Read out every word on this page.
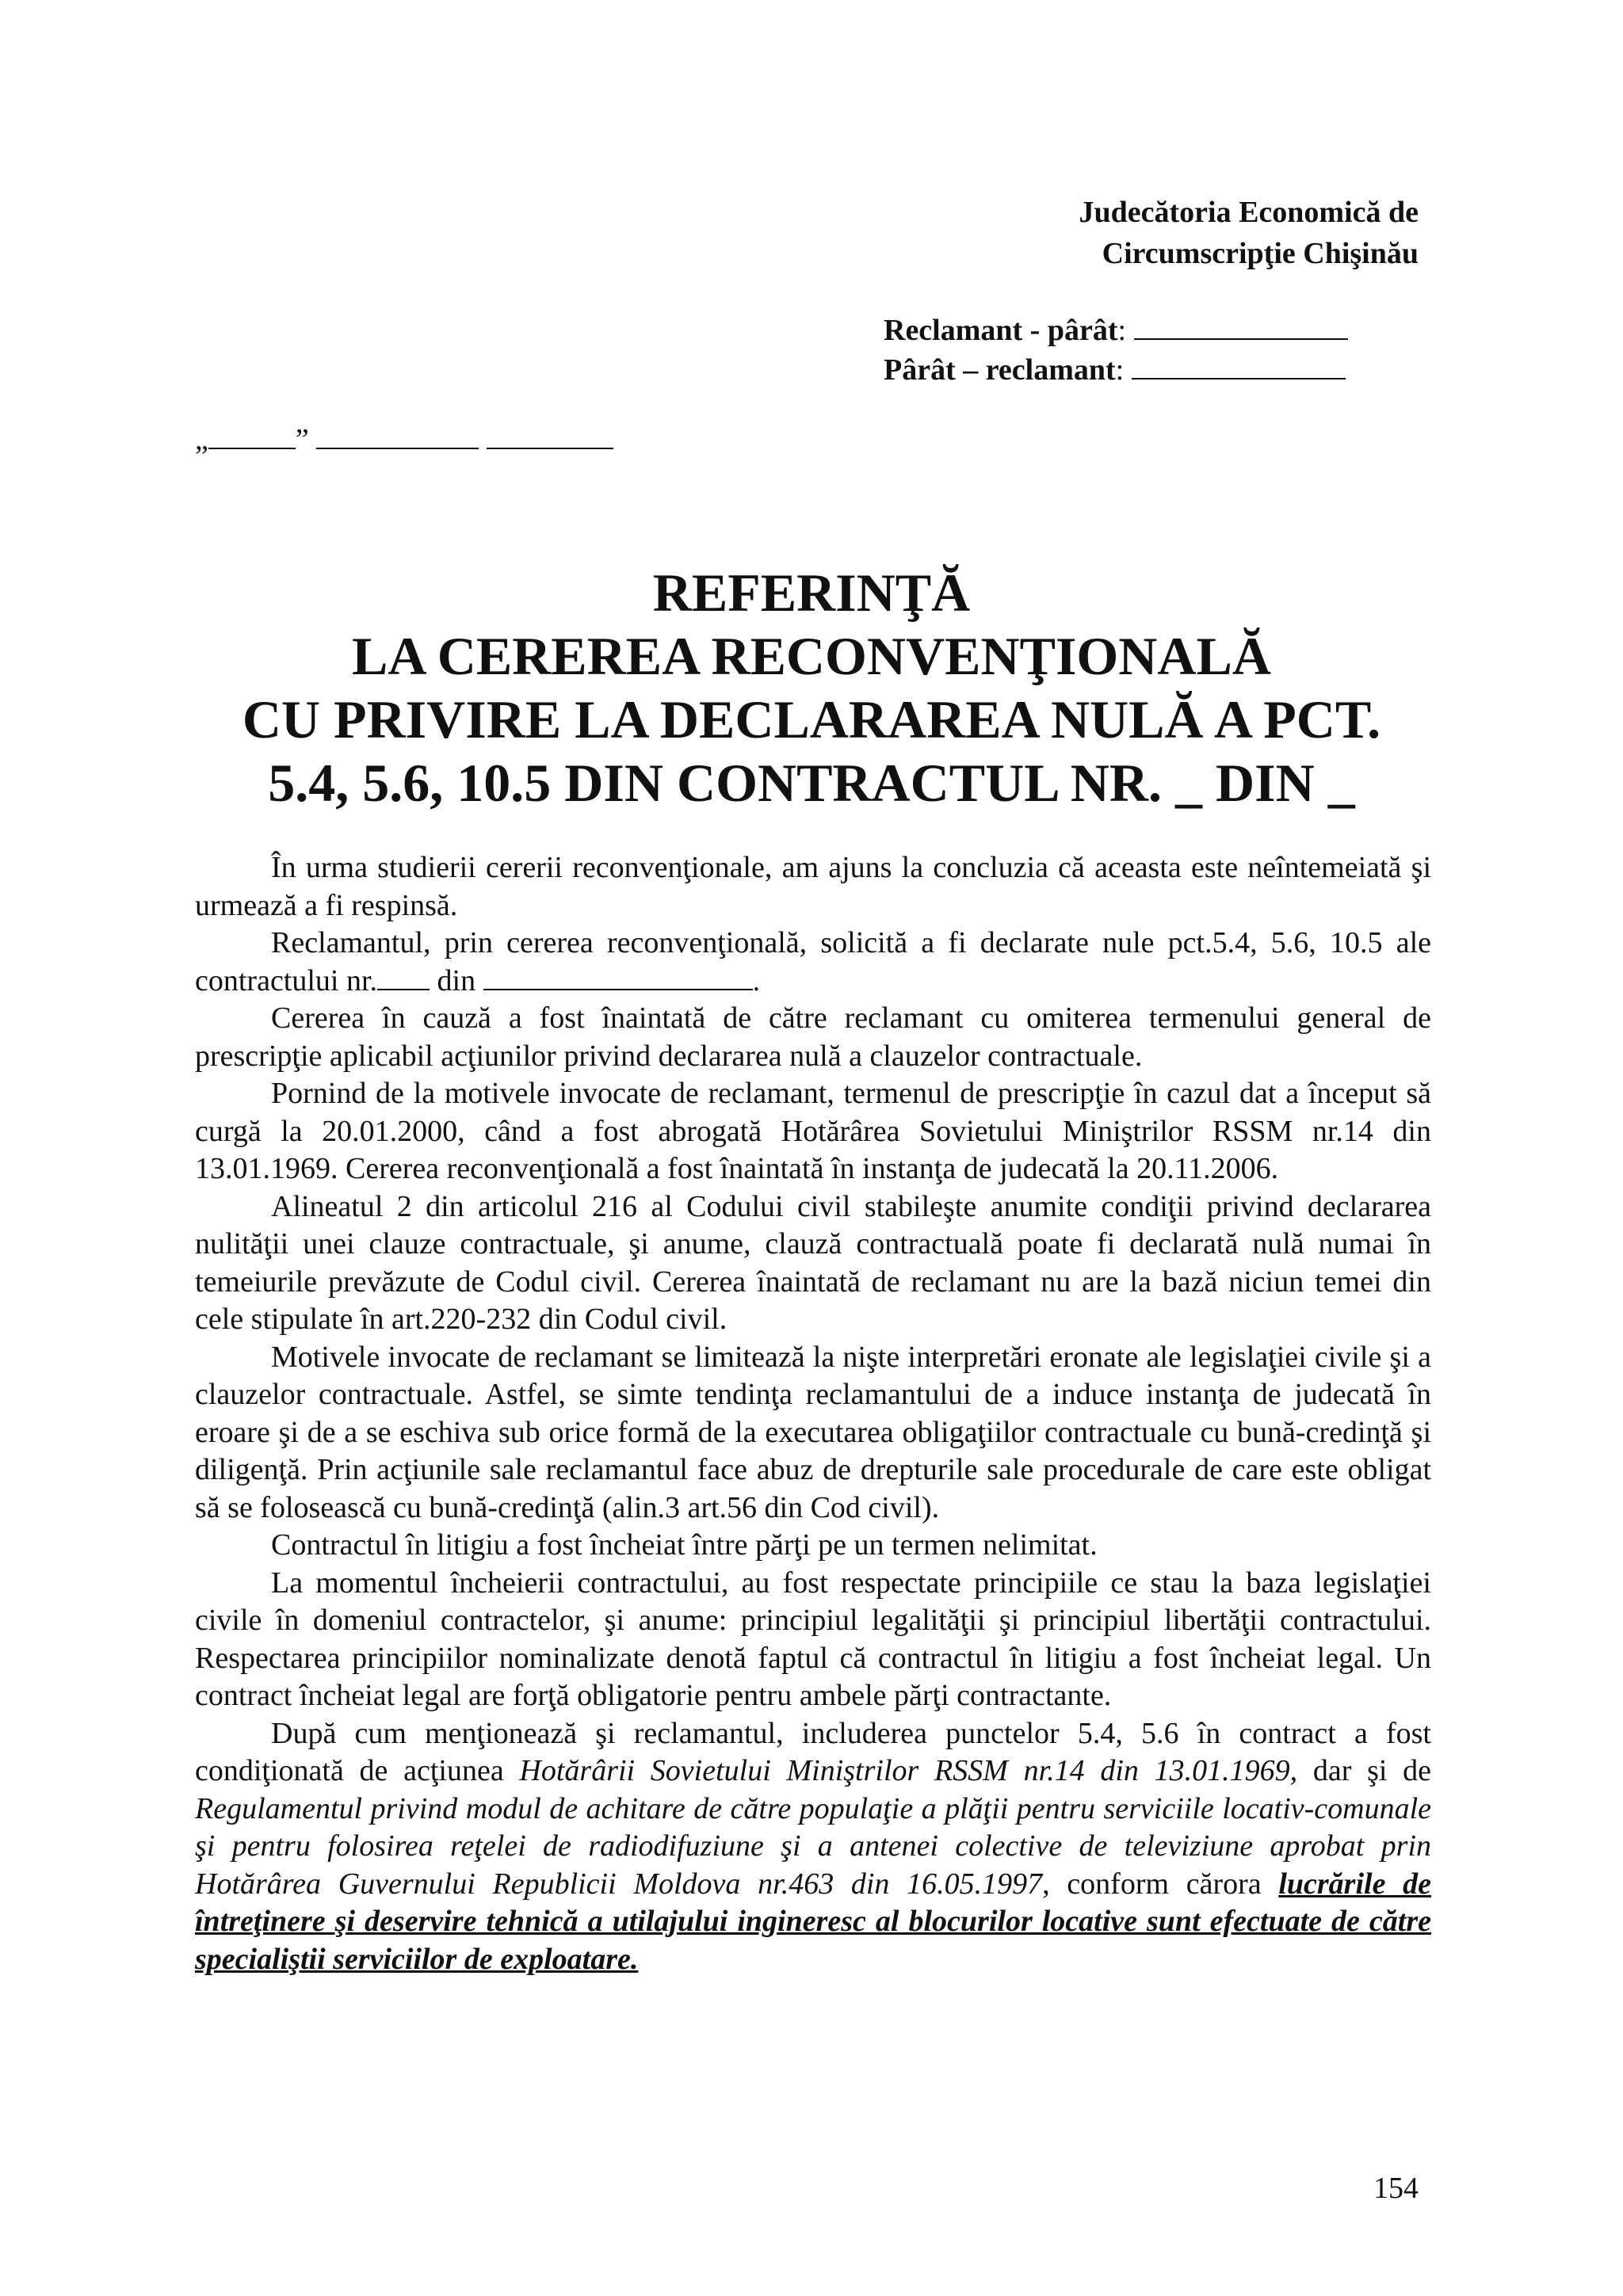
Judecătoria Economică de
Circumscripţie Chişinău
Reclamant - pârât:
Pârât – reclamant:
„	”
REFERINŢĂ
LA CEREREA RECONVENŢIONALĂ
CU PRIVIRE LA DECLARAREA NULĂ A PCT.
5.4, 5.6, 10.5 DIN CONTRACTUL NR. _ DIN _

În urma studierii cererii reconvenţionale, am ajuns la concluzia că aceasta este neîntemeiată şi urmează a fi respinsă.

Reclamantul, prin cererea reconvenţională, solicită a fi declarate nule pct.5.4, 5.6, 10.5 ale contractului nr. din	.

Cererea în cauză a fost înaintată de către reclamant cu omiterea termenului general de prescripţie aplicabil acţiunilor privind declararea nulă a clauzelor contractuale.

Pornind de la motivele invocate de reclamant, termenul de prescripţie în cazul dat a început să curgă la 20.01.2000, când a fost abrogată Hotărârea Sovietului Miniştrilor RSSM nr.14 din 13.01.1969. Cererea reconvenţională a fost înaintată în instanţa de judecată la 20.11.2006.

Alineatul 2 din articolul 216 al Codului civil stabileşte anumite condiţii privind declararea nulităţii unei clauze contractuale, şi anume, clauză contractuală poate fi declarată nulă numai în temeiurile prevăzute de Codul civil. Cererea înaintată de reclamant nu are la bază niciun temei din cele stipulate în art.220-232 din Codul civil.

Motivele invocate de reclamant se limitează la nişte interpretări eronate ale legislaţiei civile şi a clauzelor contractuale. Astfel, se simte tendinţa reclamantului de a induce instanţa de judecată în eroare şi de a se eschiva sub orice formă de la executarea obligaţiilor contractuale cu bună-credinţă şi diligenţă. Prin acţiunile sale reclamantul face abuz de drepturile sale procedurale de care este obligat să se folosească cu bună-credinţă (alin.3 art.56 din Cod civil).

Contractul în litigiu a fost încheiat între părţi pe un termen nelimitat.

La momentul încheierii contractului, au fost respectate principiile ce stau la baza legislaţiei civile în domeniul contractelor, şi anume: principiul legalităţii şi principiul libertăţii contractului. Respectarea principiilor nominalizate denotă faptul că contractul în litigiu a fost încheiat legal. Un contract încheiat legal are forţă obligatorie pentru ambele părţi contractante.

După cum menţionează şi reclamantul, includerea punctelor 5.4, 5.6 în contract a fost condiţionată de acţiunea Hotărârii Sovietului Miniştrilor RSSM nr.14 din 13.01.1969, dar şi de Regulamentul privind modul de achitare de către populaţie a plăţii pentru serviciile locativ-comunale şi pentru folosirea reţelei de radiodifuziune şi a antenei colective de televiziune aprobat prin Hotărârea Guvernului Republicii Moldova nr.463 din 16.05.1997, conform cărora lucrările de întreţinere şi deservire tehnică a utilajului ingineresc al blocurilor locative sunt efectuate de către specialiştii serviciilor de exploatare.

154
